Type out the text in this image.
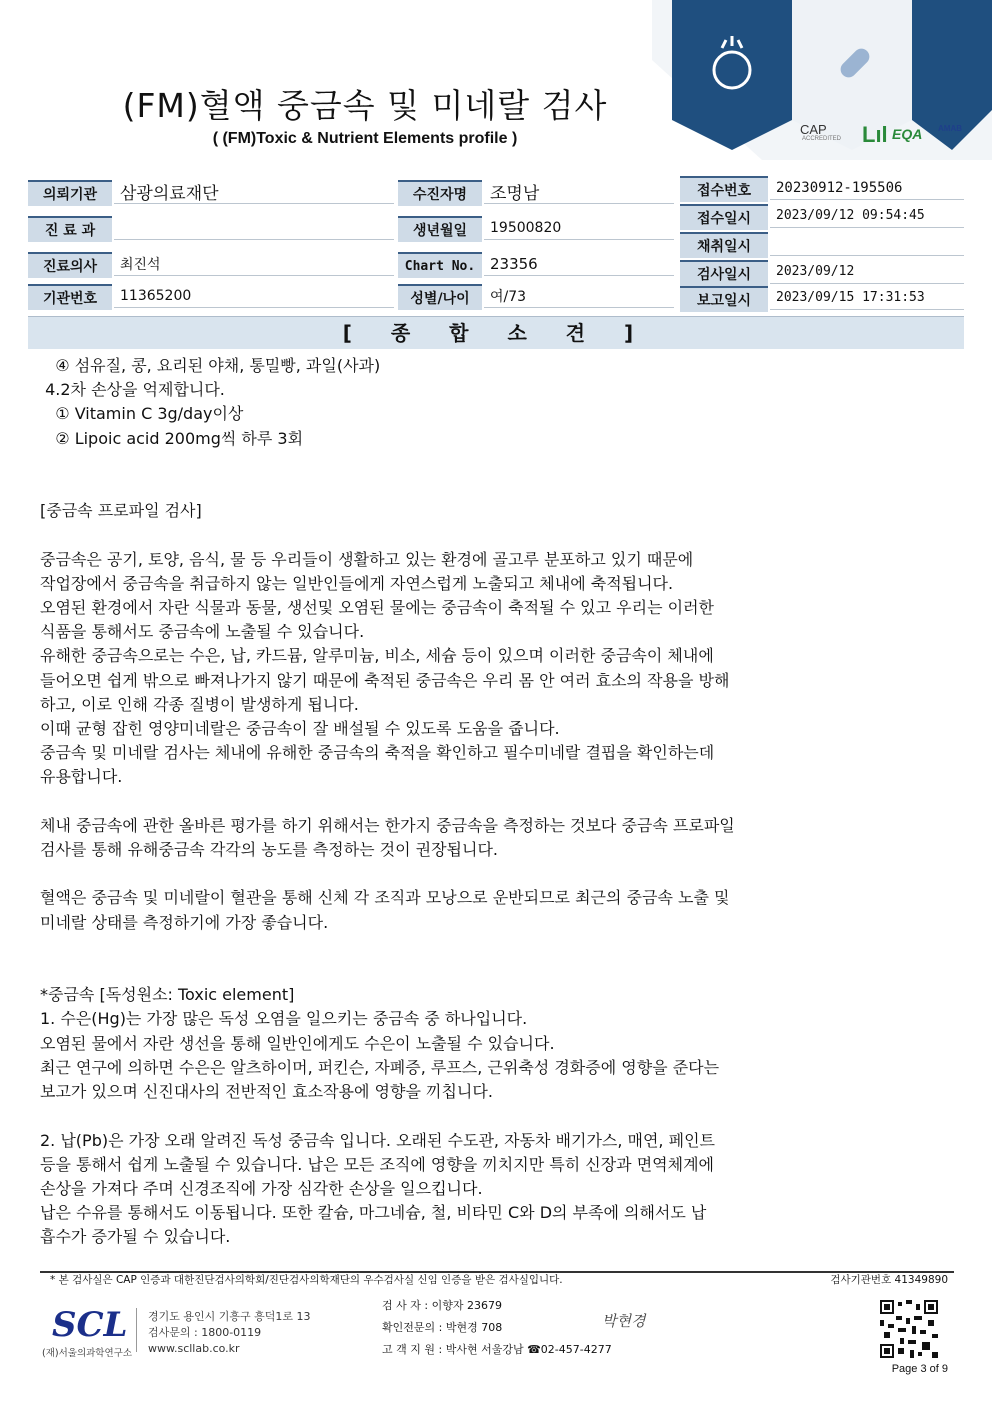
CAP
ACCREDITED Lıl EQA AMAB
(FM)혈액 중금속 및 미네랄 검사
( (FM)Toxic & Nutrient Elements profile )
의뢰기관	삼광의료재단
진 료 과
진료의사	최진석
기관번호	11365200
수진자명	조명남
생년월일	19500820
Chart No. 23356
성별/나이	여/73
접수번호	20230912-195506
접수일시	2023/09/12 09:54:45
채취일시
검사일시	2023/09/12
보고일시	2023/09/15 17:31:53
[ 종 합 소 견 ]

④ 섬유질, 콩, 요리된 야채, 통밀빵, 과일(사과)

4.2차 손상을 억제합니다.

① Vitamin C 3g/day이상

② Lipoic acid 200mg씩 하루 3회

[중금속 프로파일 검사]

중금속은 공기, 토양, 음식, 물 등 우리들이 생활하고 있는 환경에 골고루 분포하고 있기 때문에

작업장에서 중금속을 취급하지 않는 일반인들에게 자연스럽게 노출되고 체내에 축적됩니다.

오염된 환경에서 자란 식물과 동물, 생선및 오염된 물에는 중금속이 축적될 수 있고 우리는 이러한

식품을 통해서도 중금속에 노출될 수 있습니다.

유해한 중금속으로는 수은, 납, 카드뮴, 알루미늄, 비소, 세슘 등이 있으며 이러한 중금속이 체내에

들어오면 쉽게 밖으로 빠져나가지 않기 때문에 축적된 중금속은 우리 몸 안 여러 효소의 작용을 방해

하고, 이로 인해 각종 질병이 발생하게 됩니다.

이때 균형 잡힌 영양미네랄은 중금속이 잘 배설될 수 있도록 도움을 줍니다.

중금속 및 미네랄 검사는 체내에 유해한 중금속의 축적을 확인하고 필수미네랄 결핍을 확인하는데

유용합니다.

체내 중금속에 관한 올바른 평가를 하기 위해서는 한가지 중금속을 측정하는 것보다 중금속 프로파일

검사를 통해 유해중금속 각각의 농도를 측정하는 것이 권장됩니다.

혈액은 중금속 및 미네랄이 혈관을 통해 신체 각 조직과 모낭으로 운반되므로 최근의 중금속 노출 및

미네랄 상태를 측정하기에 가장 좋습니다.

*중금속 [독성원소: Toxic element]

1. 수은(Hg)는 가장 많은 독성 오염을 일으키는 중금속 중 하나입니다.

오염된 물에서 자란 생선을 통해 일반인에게도 수은이 노출될 수 있습니다.

최근 연구에 의하면 수은은 알츠하이머, 퍼킨슨, 자폐증, 루프스, 근위축성 경화증에 영향을 준다는

보고가 있으며 신진대사의 전반적인 효소작용에 영향을 끼칩니다.

2. 납(Pb)은 가장 오래 알려진 독성 중금속 입니다. 오래된 수도관, 자동차 배기가스, 매연, 페인트

등을 통해서 쉽게 노출될 수 있습니다. 납은 모든 조직에 영향을 끼치지만 특히 신장과 면역체계에

손상을 가져다 주며 신경조직에 가장 심각한 손상을 일으킵니다.

납은 수유를 통해서도 이동됩니다. 또한 칼슘, 마그네슘, 철, 비타민 C와 D의 부족에 의해서도 납

흡수가 증가될 수 있습니다.

* 본 검사실은 CAP 인증과 대한진단검사의학회/진단검사의학재단의 우수검사실 신임 인증을 받은 검사실입니다.	검사기관번호 41349890
SCL
(재)서울의과학연구소
경기도 용인시 기흥구 흥덕1로 13
검사문의 : 1800-0119
www.scllab.co.kr
검 사 자 : 이향자 23679
확인전문의 : 박현경 708
고 객 지 원 : 박사현 서울강남 ☎02-457-4277
박현경
Page 3 of 9
